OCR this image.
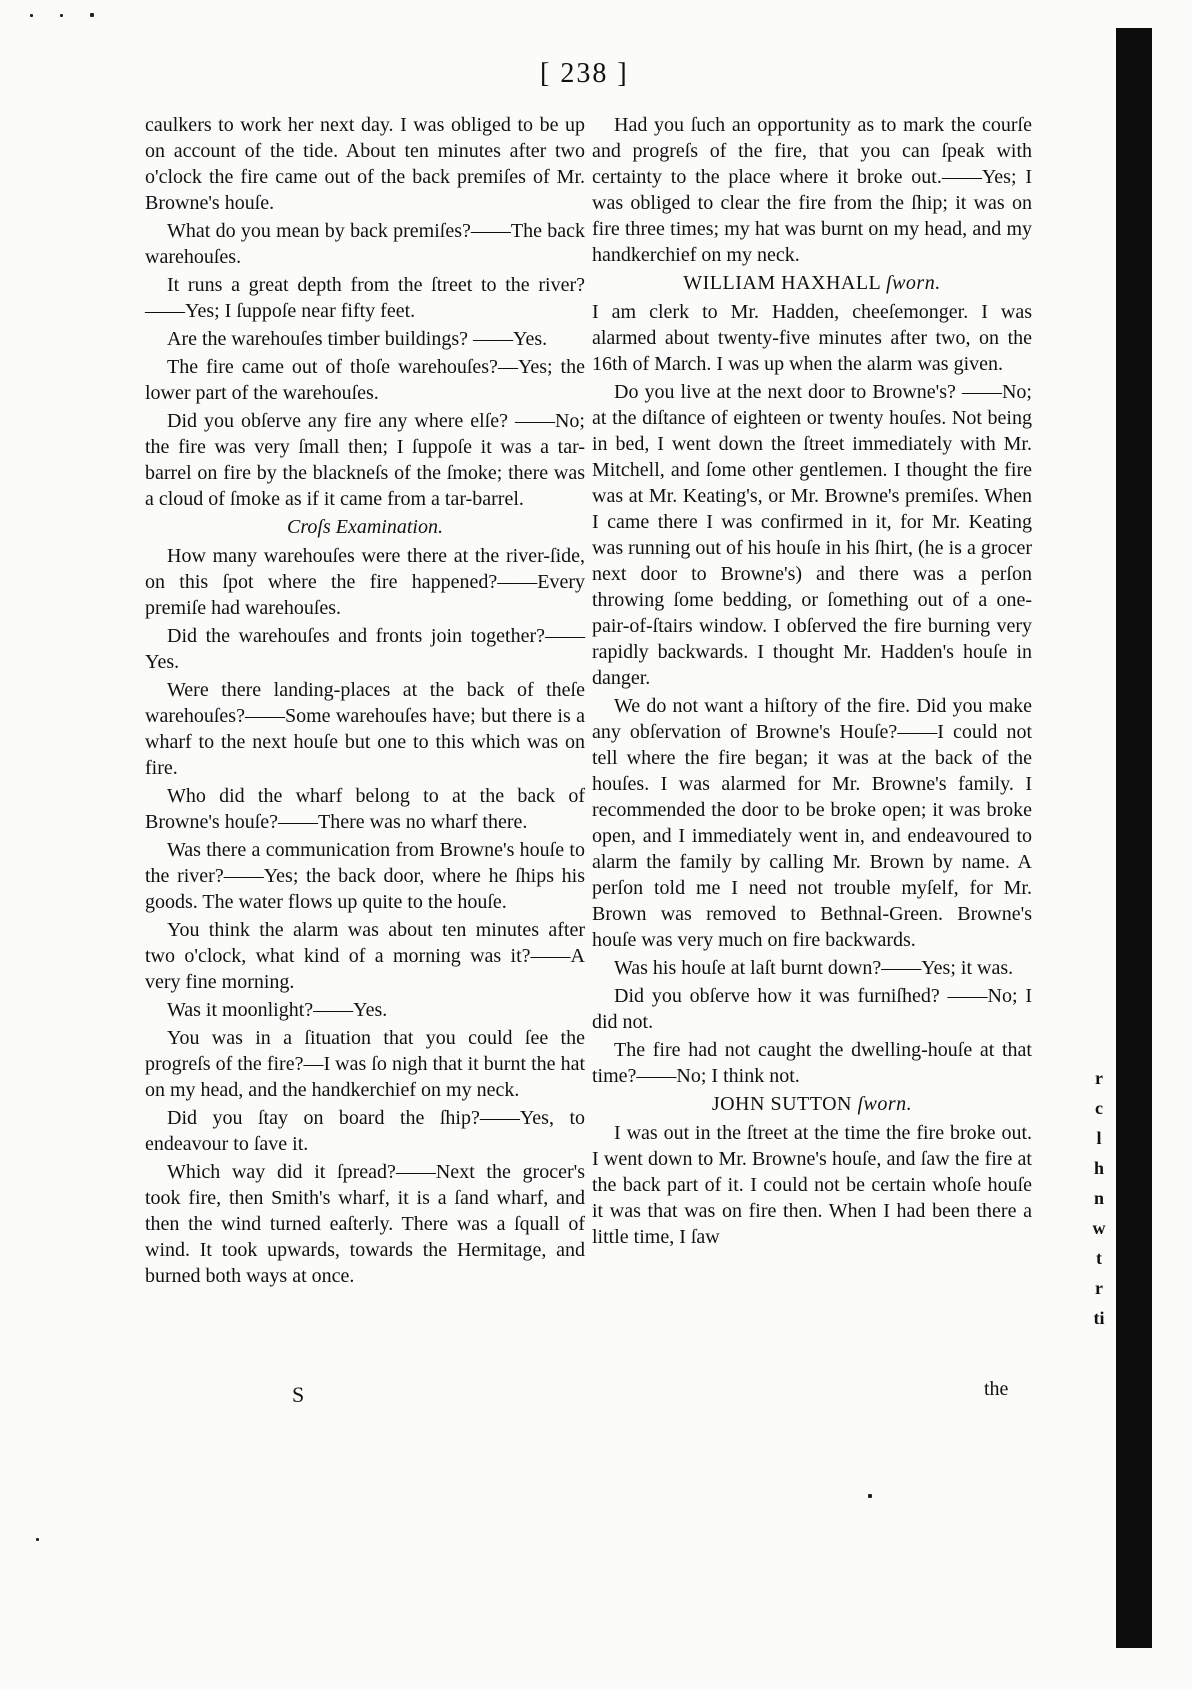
[ 238 ]

caulkers to work her next day. I was obliged to be up on account of the tide. About ten minutes after two o'clock the fire came out of the back premiſes of Mr. Browne's houſe.

What do you mean by back premiſes?——The back warehouſes.

It runs a great depth from the ſtreet to the river?——Yes; I ſuppoſe near fifty feet.

Are the warehouſes timber buildings? ——Yes.

The fire came out of thoſe warehouſes?—Yes; the lower part of the warehouſes.

Did you obſerve any fire any where elſe? ——No; the fire was very ſmall then; I ſuppoſe it was a tar-barrel on fire by the blackneſs of the ſmoke; there was a cloud of ſmoke as if it came from a tar-barrel.

Croſs Examination.

How many warehouſes were there at the river-ſide, on this ſpot where the fire happened?——Every premiſe had warehouſes.

Did the warehouſes and fronts join together?——Yes.

Were there landing-places at the back of theſe warehouſes?——Some warehouſes have; but there is a wharf to the next houſe but one to this which was on fire.

Who did the wharf belong to at the back of Browne's houſe?——There was no wharf there.

Was there a communication from Browne's houſe to the river?——Yes; the back door, where he ſhips his goods. The water flows up quite to the houſe.

You think the alarm was about ten minutes after two o'clock, what kind of a morning was it?——A very fine morning.

Was it moonlight?——Yes.

You was in a ſituation that you could ſee the progreſs of the fire?—I was ſo nigh that it burnt the hat on my head, and the handkerchief on my neck.

Did you ſtay on board the ſhip?——Yes, to endeavour to ſave it.

Which way did it ſpread?——Next the grocer's took fire, then Smith's wharf, it is a ſand wharf, and then the wind turned eaſterly. There was a ſquall of wind. It took upwards, towards the Hermitage, and burned both ways at once.

Had you ſuch an opportunity as to mark the courſe and progreſs of the fire, that you can ſpeak with certainty to the place where it broke out.——Yes; I was obliged to clear the fire from the ſhip; it was on fire three times; my hat was burnt on my head, and my handkerchief on my neck.

WILLIAM HAXHALL ſworn.

I am clerk to Mr. Hadden, cheeſemonger. I was alarmed about twenty-five minutes after two, on the 16th of March. I was up when the alarm was given.

Do you live at the next door to Browne's? ——No; at the diſtance of eighteen or twenty houſes. Not being in bed, I went down the ſtreet immediately with Mr. Mitchell, and ſome other gentlemen. I thought the fire was at Mr. Keating's, or Mr. Browne's premiſes. When I came there I was confirmed in it, for Mr. Keating was running out of his houſe in his ſhirt, (he is a grocer next door to Browne's) and there was a perſon throwing ſome bedding, or ſomething out of a one-pair-of-ſtairs window. I obſerved the fire burning very rapidly backwards. I thought Mr. Hadden's houſe in danger.

We do not want a hiſtory of the fire. Did you make any obſervation of Browne's Houſe?——I could not tell where the fire began; it was at the back of the houſes. I was alarmed for Mr. Browne's family. I recommended the door to be broke open; it was broke open, and I immediately went in, and endeavoured to alarm the family by calling Mr. Brown by name. A perſon told me I need not trouble myſelf, for Mr. Brown was removed to Bethnal-Green. Browne's houſe was very much on fire backwards.

Was his houſe at laſt burnt down?——Yes; it was.

Did you obſerve how it was furniſhed? ——No; I did not.

The fire had not caught the dwelling-houſe at that time?——No; I think not.

JOHN SUTTON ſworn.

I was out in the ſtreet at the time the fire broke out. I went down to Mr. Browne's houſe, and ſaw the fire at the back part of it. I could not be certain whoſe houſe it was that was on fire then. When I had been there a little time, I ſaw

S	the
r
c
l
h
n
w
t
r
ti
